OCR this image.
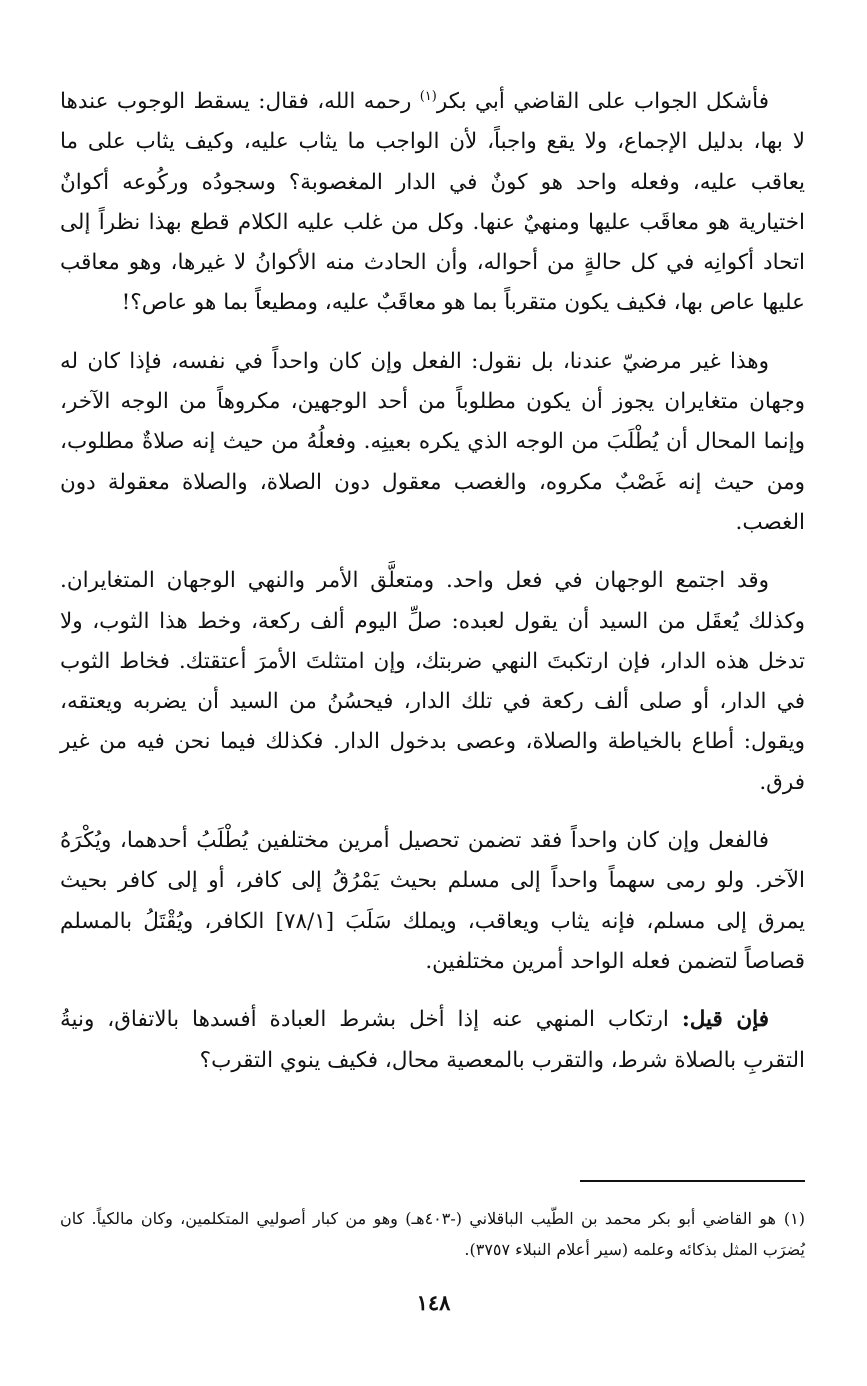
فأشكل الجواب على القاضي أبي بكر$^{(١)}$ رحمه الله، فقال: يسقط الوجوب عندها لا بها، بدليل الإجماع، ولا يقع واجباً، لأن الواجب ما يثاب عليه، وكيف يثاب على ما يعاقب عليه، وفعله واحد هو كونٌ في الدار المغصوبة؟ وسجودُه وركُوعه أكوانٌ اختيارية هو معاقَب عليها ومنهيٌ عنها. وكل من غلب عليه الكلام قطع بهذا نظراً إلى اتحاد أكوانِه في كل حالةٍ من أحواله، وأن الحادث منه الأكوانُ لا غيرها، وهو معاقب عليها عاص بها، فكيف يكون متقرباً بما هو معاقَبٌ عليه، ومطيعاً بما هو عاص؟!

وهذا غير مرضيّ عندنا، بل نقول: الفعل وإن كان واحداً في نفسه، فإذا كان له وجهان متغايران يجوز أن يكون مطلوباً من أحد الوجهين، مكروهاً من الوجه الآخر، وإنما المحال أن يُطْلَبَ من الوجه الذي يكره بعينِه. وفعلُهُ من حيث إنه صلاةٌ مطلوب، ومن حيث إنه غَصْبٌ مكروه، والغصب معقول دون الصلاة، والصلاة معقولة دون الغصب.

وقد اجتمع الوجهان في فعل واحد. ومتعلَّق الأمر والنهي الوجهان المتغايران. وكذلك يُعقَل من السيد أن يقول لعبده: صلِّ اليوم ألف ركعة، وخط هذا الثوب، ولا تدخل هذه الدار، فإن ارتكبتَ النهي ضربتك، وإن امتثلتَ الأمرَ أعتقتك. فخاط الثوب في الدار، أو صلى ألف ركعة في تلك الدار، فيحسُنُ من السيد أن يضربه ويعتقه، ويقول: أطاع بالخياطة والصلاة، وعصى بدخول الدار. فكذلك فيما نحن فيه من غير فرق.

فالفعل وإن كان واحداً فقد تضمن تحصيل أمرين مختلفين يُطْلَبُ أحدهما، ويُكْرَهُ الآخر. ولو رمى سهماً واحداً إلى مسلم بحيث يَمْرُقُ إلى كافر، أو إلى كافر بحيث يمرق إلى مسلم، فإنه يثاب ويعاقب، ويملك سَلَبَ [٧٨/١] الكافر، ويُقْتَلُ بالمسلم قصاصاً لتضمن فعله الواحد أمرين مختلفين.

فإن قيل: ارتكاب المنهي عنه إذا أخل بشرط العبادة أفسدها بالاتفاق، ونيةُ التقربِ بالصلاة شرط، والتقرب بالمعصية محال، فكيف ينوي التقرب؟

(١)هو القاضي أبو بكر محمد بن الطّيب الباقلاني (-٤٠٣هـ) وهو من كبار أصوليي المتكلمين، وكان مالكياً. كان يُضرَب المثل بذكائه وعلمه (سير أعلام النبلاء ٣٧٥٧).

١٤٨
